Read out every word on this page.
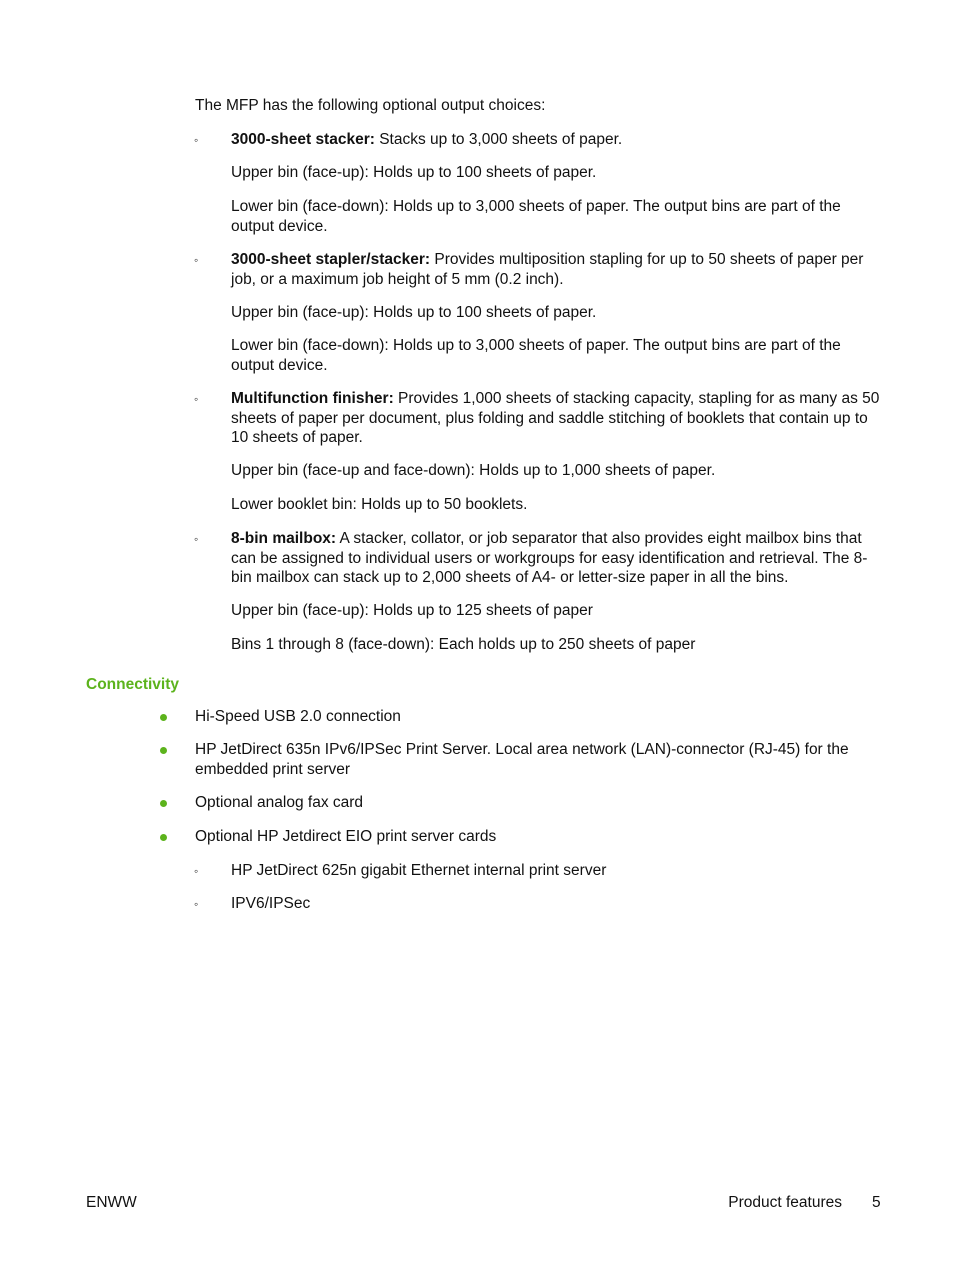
The MFP has the following optional output choices:
◦ 3000-sheet stacker: Stacks up to 3,000 sheets of paper.
Upper bin (face-up): Holds up to 100 sheets of paper.
Lower bin (face-down): Holds up to 3,000 sheets of paper. The output bins are part of the output device.
◦ 3000-sheet stapler/stacker: Provides multiposition stapling for up to 50 sheets of paper per job, or a maximum job height of 5 mm (0.2 inch).
Upper bin (face-up): Holds up to 100 sheets of paper.
Lower bin (face-down): Holds up to 3,000 sheets of paper. The output bins are part of the output device.
◦ Multifunction finisher: Provides 1,000 sheets of stacking capacity, stapling for as many as 50 sheets of paper per document, plus folding and saddle stitching of booklets that contain up to 10 sheets of paper.
Upper bin (face-up and face-down): Holds up to 1,000 sheets of paper.
Lower booklet bin: Holds up to 50 booklets.
◦ 8-bin mailbox: A stacker, collator, or job separator that also provides eight mailbox bins that can be assigned to individual users or workgroups for easy identification and retrieval. The 8-bin mailbox can stack up to 2,000 sheets of A4- or letter-size paper in all the bins.
Upper bin (face-up): Holds up to 125 sheets of paper
Bins 1 through 8 (face-down): Each holds up to 250 sheets of paper
Connectivity
Hi-Speed USB 2.0 connection
HP JetDirect 635n IPv6/IPSec Print Server. Local area network (LAN)-connector (RJ-45) for the embedded print server
Optional analog fax card
Optional HP Jetdirect EIO print server cards
◦ HP JetDirect 625n gigabit Ethernet internal print server
◦ IPV6/IPSec
ENWW	Product features 5
